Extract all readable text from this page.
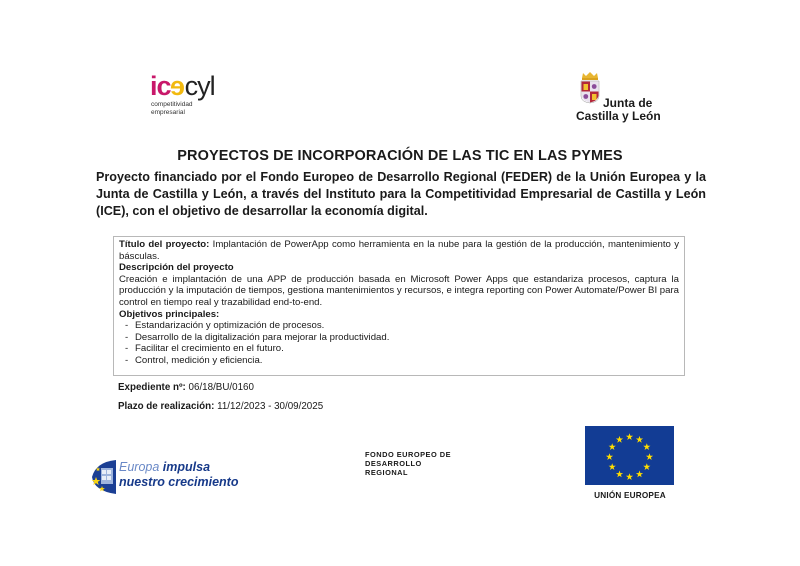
icecyl
competitividad
empresarial
Junta de
Castilla y León
PROYECTOS DE INCORPORACIÓN DE LAS TIC EN LAS PYMES
Proyecto financiado por el Fondo Europeo de Desarrollo Regional (FEDER) de la Unión Europea y la Junta de Castilla y León, a través del Instituto para la Competitividad Empresarial de Castilla y León (ICE), con el objetivo de desarrollar la economía digital.

Título del proyecto: Implantación de PowerApp como herramienta en la nube para la gestión de la producción, mantenimiento y básculas.

Descripción del proyecto

Creación e implantación de una APP de producción basada en Microsoft Power Apps que estandariza procesos, captura la producción y la imputación de tiempos, gestiona mantenimientos y recursos, e integra reporting con Power Automate/Power BI para control en tiempo real y trazabilidad end-to-end.

Objetivos principales:
- Estandarización y optimización de procesos.
- Desarrollo de la digitalización para mejorar la productividad.
- Facilitar el crecimiento en el futuro.
- Control, medición y eficiencia.
Expediente nº: 06/18/BU/0160
Plazo de realización: 11/12/2023 - 30/09/2025
Europa impulsa
nuestro crecimiento
FONDO EUROPEO DE
DESARROLLO
REGIONAL
UNIÓN EUROPEA
